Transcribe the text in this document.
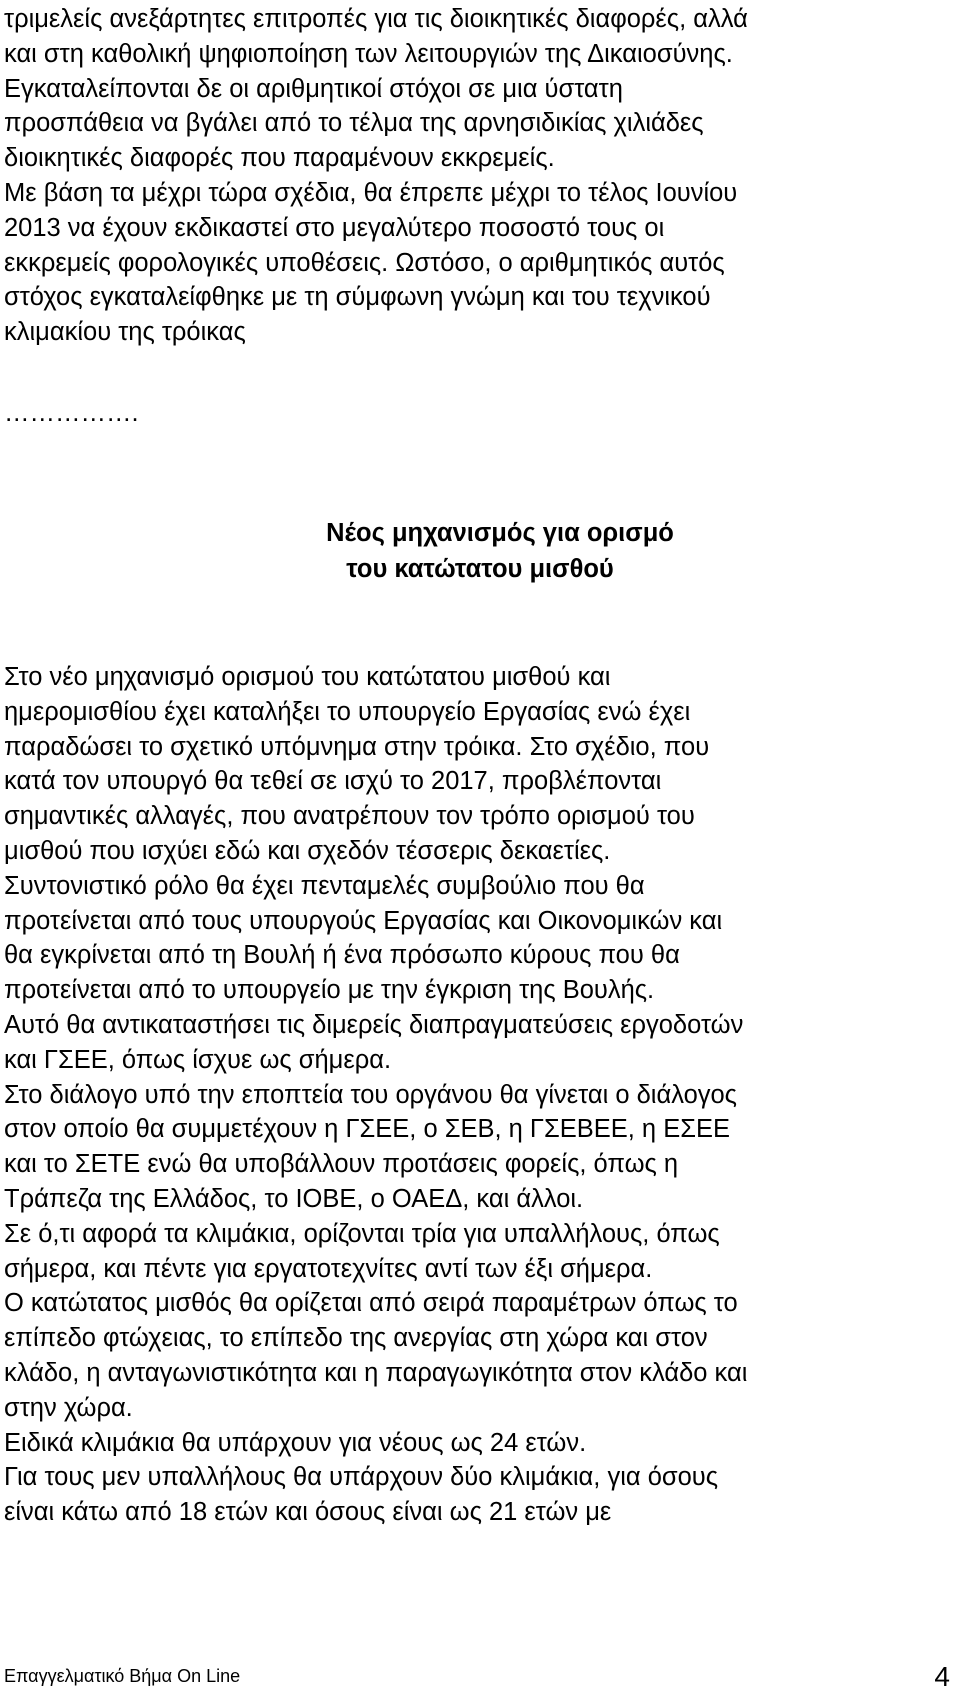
τριμελείς ανεξάρτητες επιτροπές για τις διοικητικές διαφορές, αλλά
και στη καθολική ψηφιοποίηση των λειτουργιών της Δικαιοσύνης.
Εγκαταλείπονται δε οι αριθμητικοί στόχοι σε μια ύστατη
προσπάθεια να βγάλει από το τέλμα της αρνησιδικίας χιλιάδες
διοικητικές διαφορές που παραμένουν εκκρεμείς.
Με βάση τα μέχρι τώρα σχέδια, θα έπρεπε μέχρι το τέλος Ιουνίου
2013 να έχουν εκδικαστεί στο μεγαλύτερο ποσοστό τους οι
εκκρεμείς φορολογικές υποθέσεις. Ωστόσο, ο αριθμητικός αυτός
στόχος εγκαταλείφθηκε με τη σύμφωνη γνώμη και του τεχνικού
κλιμακίου της τρόικας
…………….
Νέος μηχανισμός για ορισμό
του κατώτατου μισθού
Στο νέο μηχανισμό ορισμού του κατώτατου μισθού και
ημερομισθίου έχει καταλήξει το υπουργείο Εργασίας ενώ έχει
παραδώσει το σχετικό υπόμνημα στην τρόικα. Στο σχέδιο, που
κατά τον υπουργό θα τεθεί σε ισχύ το 2017, προβλέπονται
σημαντικές αλλαγές, που ανατρέπουν τον τρόπο ορισμού του
μισθού που ισχύει εδώ και σχεδόν τέσσερις δεκαετίες.
Συντονιστικό ρόλο θα έχει πενταμελές συμβούλιο που θα
προτείνεται από τους υπουργούς Εργασίας και Οικονομικών και
θα εγκρίνεται από τη Βουλή ή ένα πρόσωπο κύρους που θα
προτείνεται από το υπουργείο με την έγκριση της Βουλής.
Αυτό θα αντικαταστήσει τις διμερείς διαπραγματεύσεις εργοδοτών
και ΓΣΕΕ, όπως ίσχυε ως σήμερα.
Στο διάλογο υπό την εποπτεία του οργάνου θα γίνεται ο διάλογος
στον οποίο θα συμμετέχουν η ΓΣΕΕ, ο ΣΕΒ, η ΓΣΕΒΕΕ, η ΕΣΕΕ
και το ΣΕΤΕ ενώ θα υποβάλλουν προτάσεις φορείς, όπως η
Τράπεζα της Ελλάδος, το ΙΟΒΕ, ο ΟΑΕΔ, και άλλοι.
Σε ό,τι αφορά τα κλιμάκια, ορίζονται τρία για υπαλλήλους, όπως
σήμερα, και πέντε για εργατοτεχνίτες αντί των έξι σήμερα.
Ο κατώτατος μισθός θα ορίζεται από σειρά παραμέτρων όπως το
επίπεδο φτώχειας, το επίπεδο της ανεργίας στη χώρα και στον
κλάδο, η ανταγωνιστικότητα και η παραγωγικότητα στον κλάδο και
στην χώρα.
Ειδικά κλιμάκια θα υπάρχουν για νέους ως 24 ετών.
Για τους μεν υπαλλήλους θα υπάρχουν δύο κλιμάκια, για όσους
είναι κάτω από 18 ετών και όσους είναι ως 21 ετών με
Επαγγελματικό Βήμα On Line	4
